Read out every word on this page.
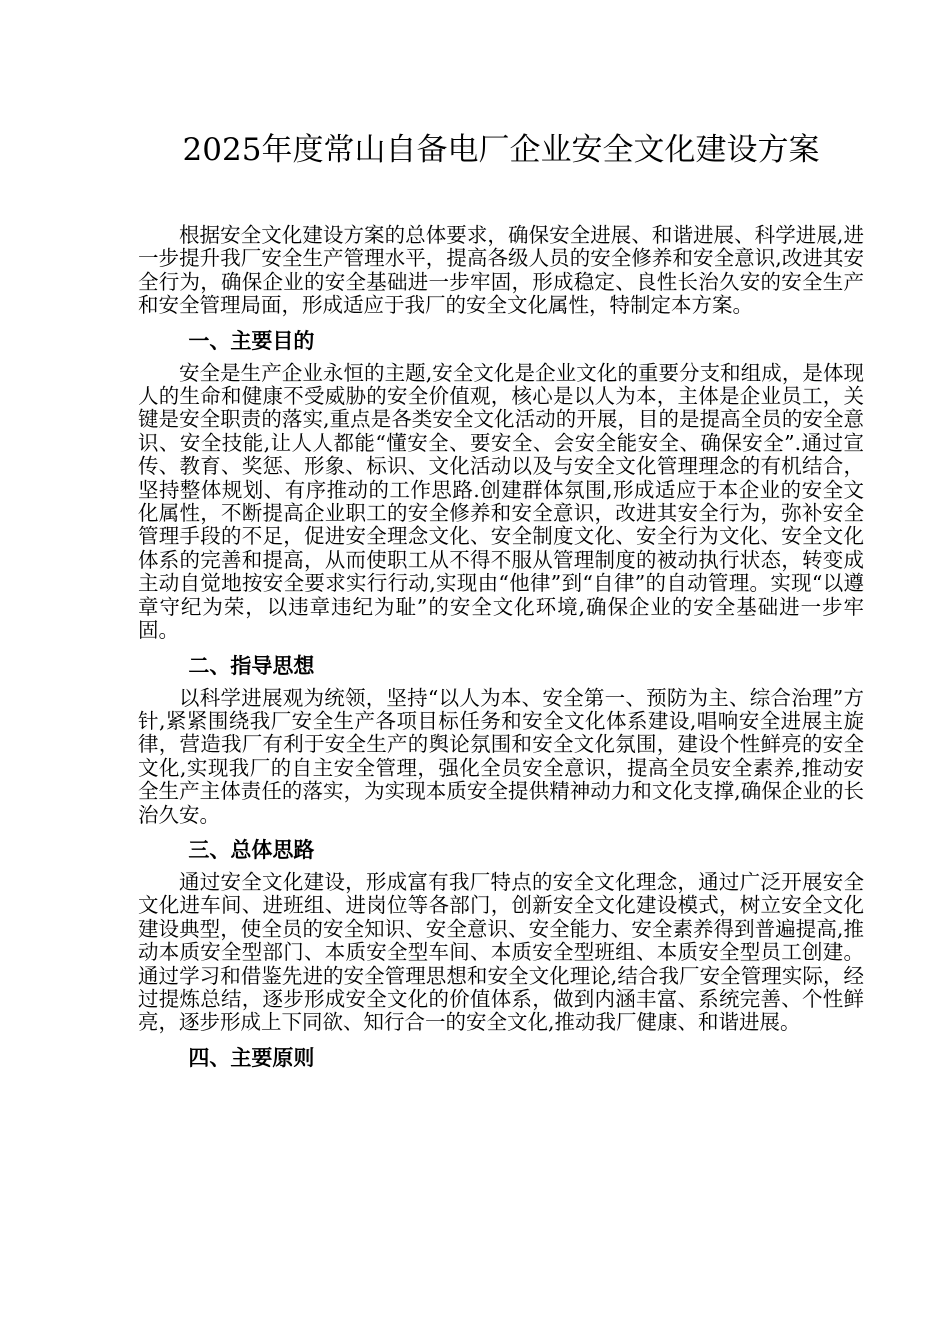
2025年度常山自备电厂企业安全文化建设方案

根据安全文化建设方案的总体要求，确保安全进展、和谐进展、科学进展,进一步提升我厂安全生产管理水平，提高各级人员的安全修养和安全意识,改进其安全行为，确保企业的安全基础进一步牢固，形成稳定、良性长治久安的安全生产和安全管理局面，形成适应于我厂的安全文化属性，特制定本方案。

一、主要目的

安全是生产企业永恒的主题,安全文化是企业文化的重要分支和组成，是体现人的生命和健康不受威胁的安全价值观，核心是以人为本，主体是企业员工，关键是安全职责的落实,重点是各类安全文化活动的开展，目的是提高全员的安全意识、安全技能,让人人都能“懂安全、要安全、会安全能安全、确保安全”.通过宣传、教育、奖惩、形象、标识、文化活动以及与安全文化管理理念的有机结合，坚持整体规划、有序推动的工作思路.创建群体氛围,形成适应于本企业的安全文化属性，不断提高企业职工的安全修养和安全意识，改进其安全行为，弥补安全管理手段的不足，促进安全理念文化、安全制度文化、安全行为文化、安全文化体系的完善和提高，从而使职工从不得不服从管理制度的被动执行状态，转变成主动自觉地按安全要求实行行动,实现由“他律”到“自律”的自动管理。实现“以遵章守纪为荣，以违章违纪为耻”的安全文化环境,确保企业的安全基础进一步牢固。

二、指导思想

以科学进展观为统领，坚持“以人为本、安全第一、预防为主、综合治理”方针,紧紧围绕我厂安全生产各项目标任务和安全文化体系建设,唱响安全进展主旋律，营造我厂有利于安全生产的舆论氛围和安全文化氛围，建设个性鲜亮的安全文化,实现我厂的自主安全管理，强化全员安全意识，提高全员安全素养,推动安全生产主体责任的落实，为实现本质安全提供精神动力和文化支撑,确保企业的长治久安。

三、总体思路

通过安全文化建设，形成富有我厂特点的安全文化理念，通过广泛开展安全文化进车间、进班组、进岗位等各部门，创新安全文化建设模式，树立安全文化建设典型，使全员的安全知识、安全意识、安全能力、安全素养得到普遍提高,推动本质安全型部门、本质安全型车间、本质安全型班组、本质安全型员工创建。通过学习和借鉴先进的安全管理思想和安全文化理论,结合我厂安全管理实际，经过提炼总结，逐步形成安全文化的价值体系，做到内涵丰富、系统完善、个性鲜亮，逐步形成上下同欲、知行合一的安全文化,推动我厂健康、和谐进展。

四、主要原则
